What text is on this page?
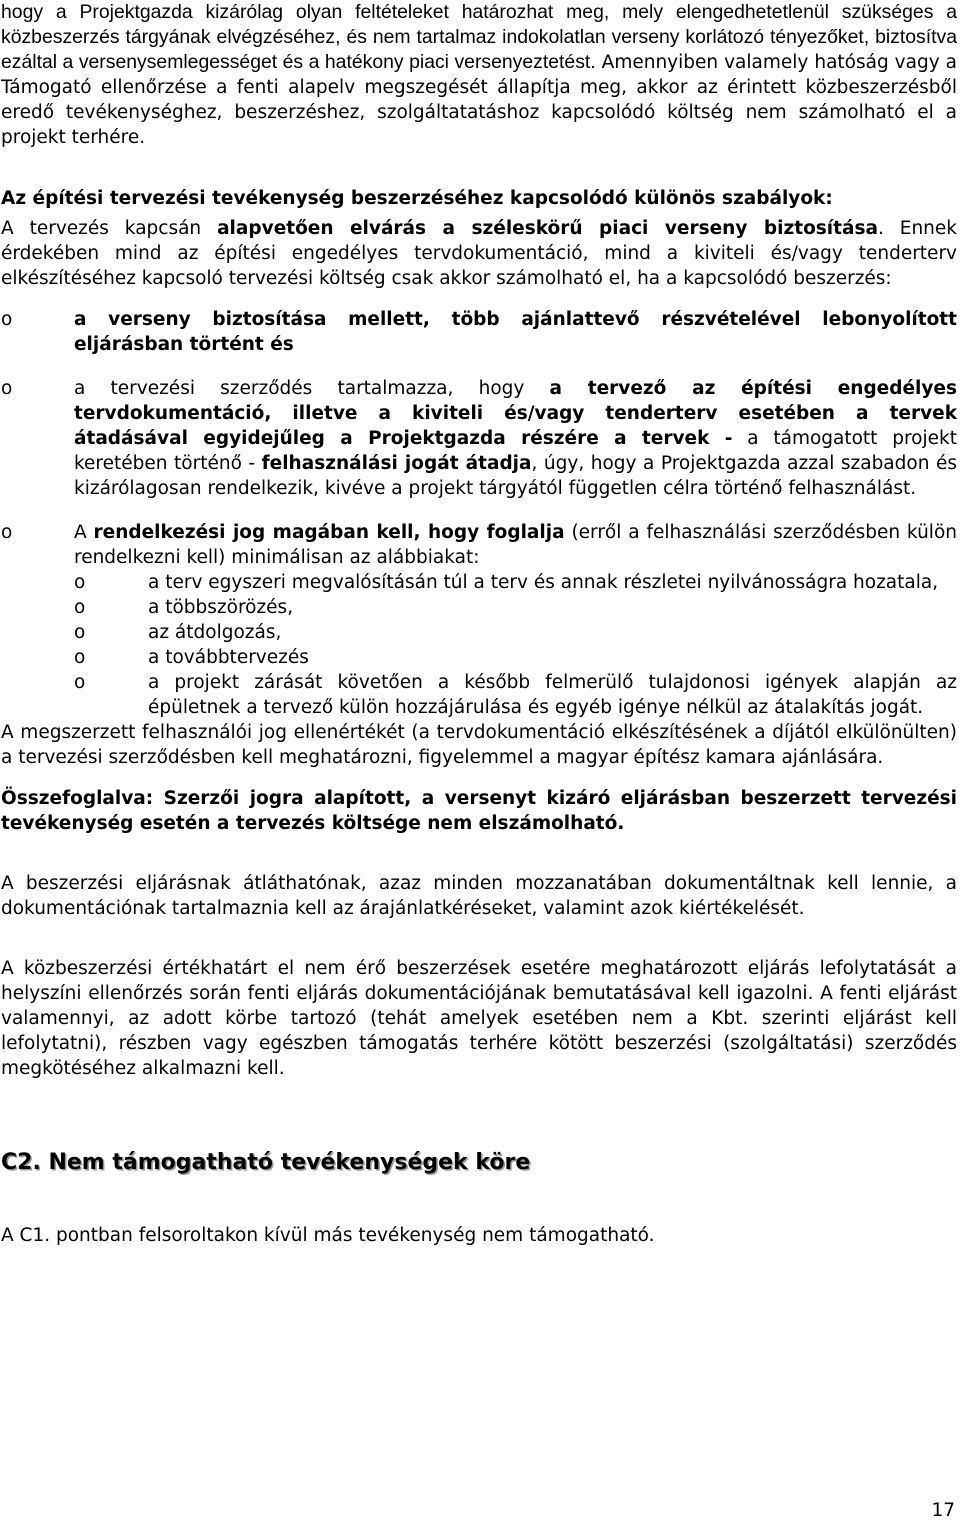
hogy a Projektgazda kizárólag olyan feltételeket határozhat meg, mely elengedhetetlenül szükséges a közbeszerzés tárgyának elvégzéséhez, és nem tartalmaz indokolatlan verseny korlátozó tényezőket, biztosítva ezáltal a versenysemlegességet és a hatékony piaci versenyeztetést. Amennyiben valamely hatóság vagy a Támogató ellenőrzése a fenti alapelv megszegését állapítja meg, akkor az érintett közbeszerzésből eredő tevékenységhez, beszerzéshez, szolgáltatatáshoz kapcsolódó költség nem számolható el a projekt terhére.

Az építési tervezési tevékenység beszerzéséhez kapcsolódó különös szabályok:

A tervezés kapcsán alapvetően elvárás a széleskörű piaci verseny biztosítása. Ennek érdekében mind az építési engedélyes tervdokumentáció, mind a kiviteli és/vagy tenderterv elkészítéséhez kapcsoló tervezési költség csak akkor számolható el, ha a kapcsolódó beszerzés:

o	a verseny biztosítása mellett, több ajánlattevő részvételével lebonyolított eljárásban történt és
o	a tervezési szerződés tartalmazza, hogy a tervező az építési engedélyes tervdokumentáció, illetve a kiviteli és/vagy tenderterv esetében a tervek átadásával egyidejűleg a Projektgazda részére a tervek - a támogatott projekt keretében történő - felhasználási jogát átadja, úgy, hogy a Projektgazda azzal szabadon és kizárólagosan rendelkezik, kivéve a projekt tárgyától független célra történő felhasználást.
o	A rendelkezési jog magában kell, hogy foglalja (erről a felhasználási szerződésben külön rendelkezni kell) minimálisan az alábbiakat:
o	a terv egyszeri megvalósításán túl a terv és annak részletei nyilvánosságra hozatala,
o	a többszörözés,
o	az átdolgozás,
o	a továbbtervezés
o	a projekt zárását követően a később felmerülő tulajdonosi igények alapján az épületnek a tervező külön hozzájárulása és egyéb igénye nélkül az átalakítás jogát.

A megszerzett felhasználói jog ellenértékét (a tervdokumentáció elkészítésének a díjától elkülönülten) a tervezési szerződésben kell meghatározni, figyelemmel a magyar építész kamara ajánlására.

Összefoglalva: Szerzői jogra alapított, a versenyt kizáró eljárásban beszerzett tervezési tevékenység esetén a tervezés költsége nem elszámolható.

A beszerzési eljárásnak átláthatónak, azaz minden mozzanatában dokumentáltnak kell lennie, a dokumentációnak tartalmaznia kell az árajánlatkéréseket, valamint azok kiértékelését.

A közbeszerzési értékhatárt el nem érő beszerzések esetére meghatározott eljárás lefolytatását a helyszíni ellenőrzés során fenti eljárás dokumentációjának bemutatásával kell igazolni. A fenti eljárást valamennyi, az adott körbe tartozó (tehát amelyek esetében nem a Kbt. szerinti eljárást kell lefolytatni), részben vagy egészben támogatás terhére kötött beszerzési (szolgáltatási) szerződés megkötéséhez alkalmazni kell.

C2. Nem támogatható tevékenységek köre

A C1. pontban felsoroltakon kívül más tevékenység nem támogatható.

17
